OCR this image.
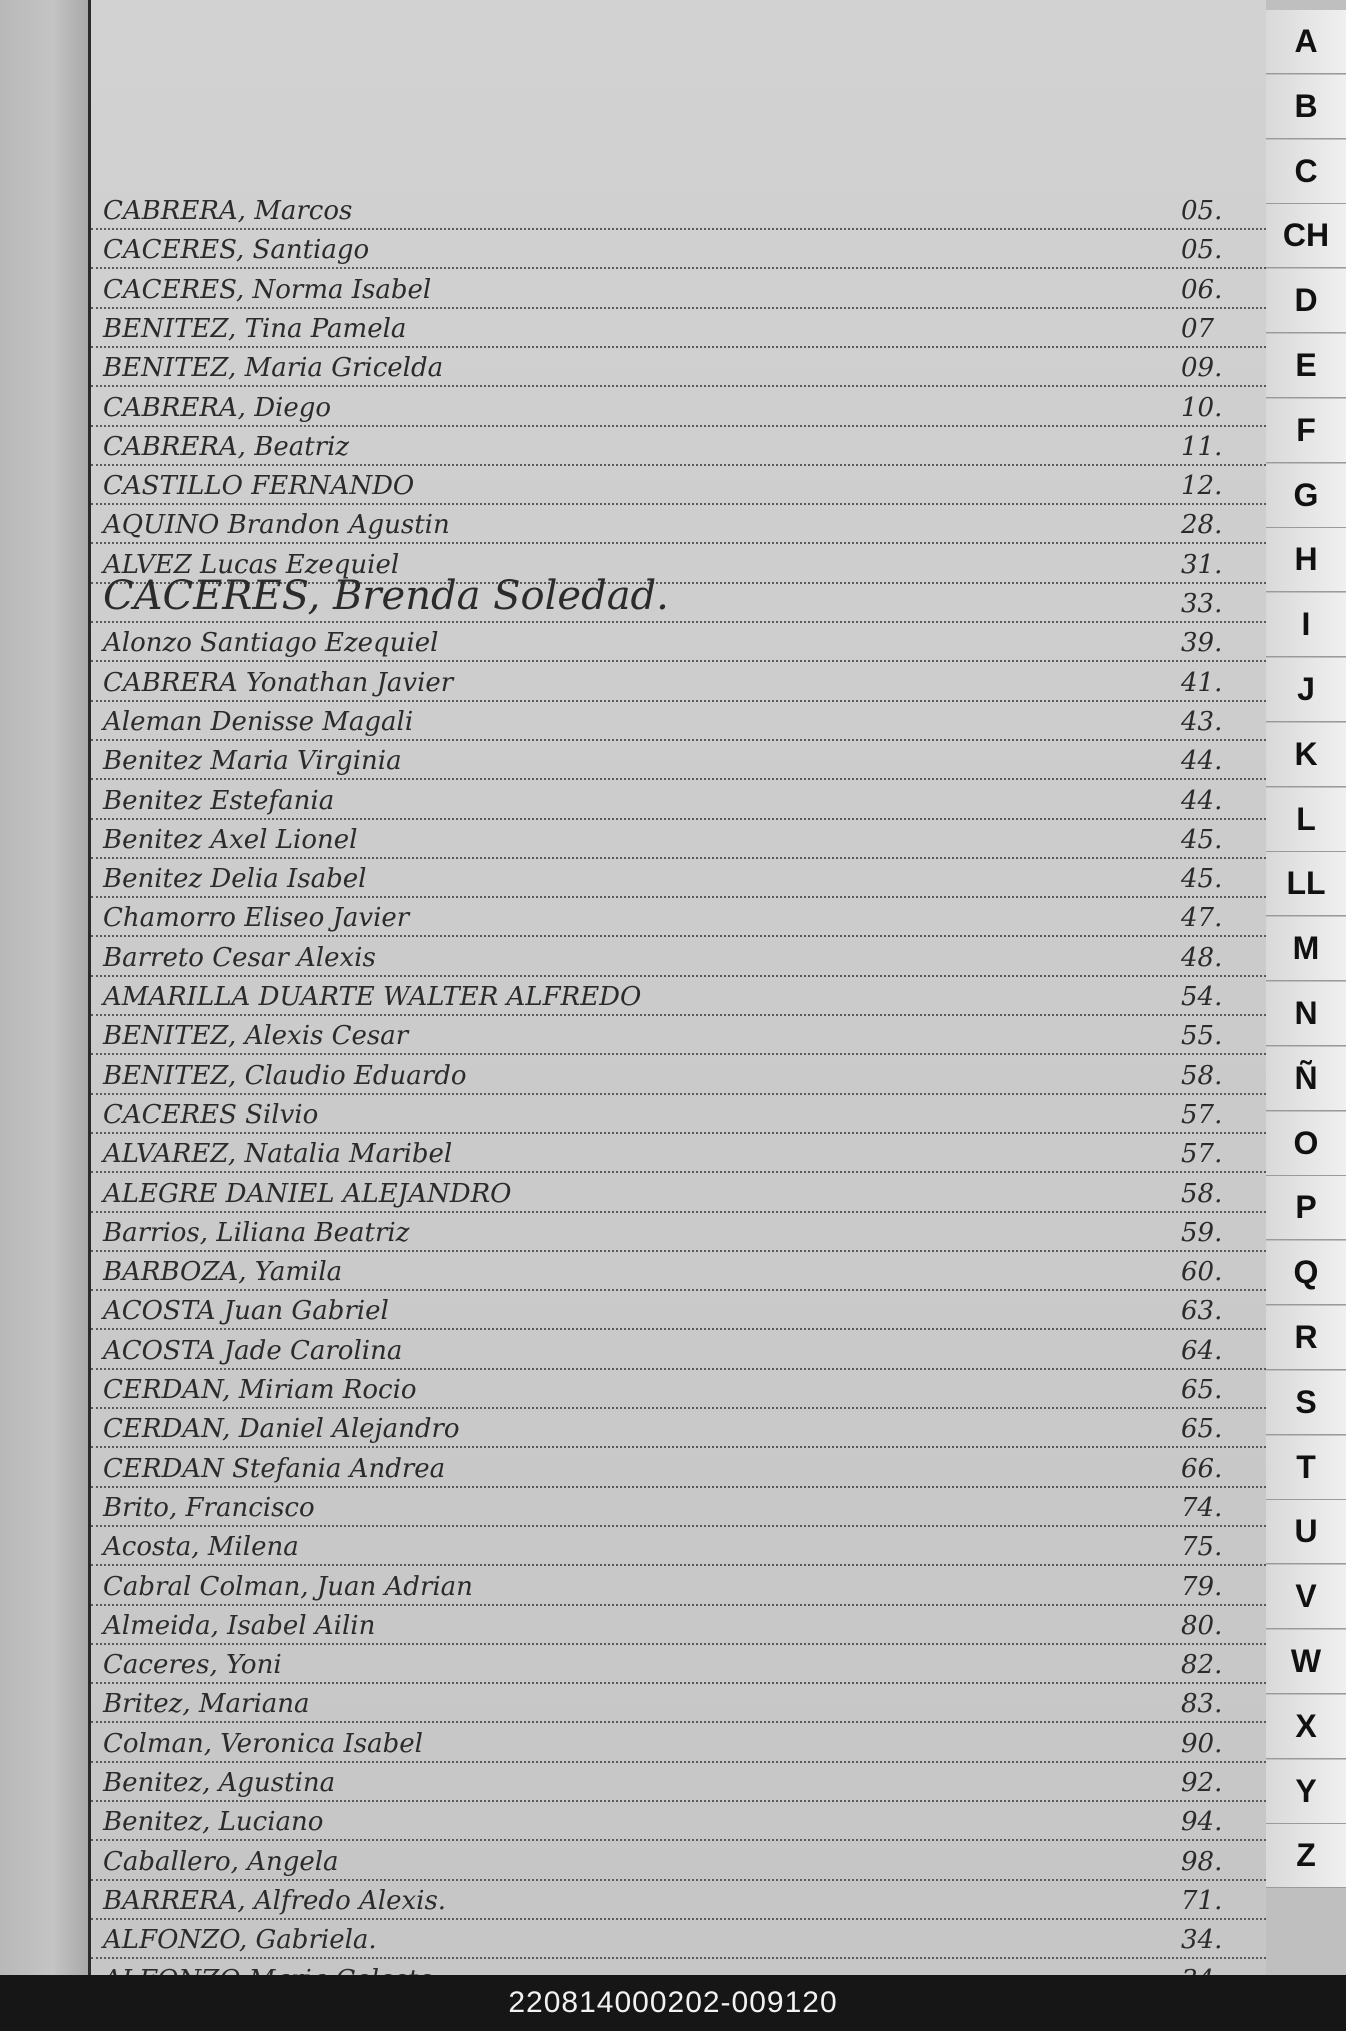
CABRERA, Marcos	05.
CACERES, Santiago	05.
CACERES, Norma Isabel	06.
BENITEZ, Tina Pamela	07
BENITEZ, Maria Gricelda	09.
CABRERA, Diego	10.
CABRERA, Beatriz	11.
CASTILLO FERNANDO	12.
AQUINO Brandon Agustin	28.
ALVEZ Lucas Ezequiel	31.
CACERES, Brenda Soledad.	33.
Alonzo Santiago Ezequiel	39.
CABRERA Yonathan Javier	41.
Aleman Denisse Magali	43.
Benitez Maria Virginia	44.
Benitez Estefania	44.
Benitez Axel Lionel	45.
Benitez Delia Isabel	45.
Chamorro Eliseo Javier	47.
Barreto Cesar Alexis	48.
AMARILLA DUARTE WALTER ALFREDO	54.
BENITEZ, Alexis Cesar	55.
BENITEZ, Claudio Eduardo	58.
CACERES Silvio	57.
ALVAREZ, Natalia Maribel	57.
ALEGRE DANIEL ALEJANDRO	58.
Barrios, Liliana Beatriz	59.
BARBOZA, Yamila	60.
ACOSTA Juan Gabriel	63.
ACOSTA Jade Carolina	64.
CERDAN, Miriam Rocio	65.
CERDAN, Daniel Alejandro	65.
CERDAN Stefania Andrea	66.
Brito, Francisco	74.
Acosta, Milena	75.
Cabral Colman, Juan Adrian	79.
Almeida, Isabel Ailin	80.
Caceres, Yoni	82.
Britez, Mariana	83.
Colman, Veronica Isabel	90.
Benitez, Agustina	92.
Benitez, Luciano	94.
Caballero, Angela	98.
BARRERA, Alfredo Alexis.	71.
ALFONZO, Gabriela.	34.
A
B
C
CH
D
E
F
G
H
I
J
K
L
LL
M
N
Ñ
O
P
Q
R
S
T
U
V
W
X
Y
Z
220814000202-009120
